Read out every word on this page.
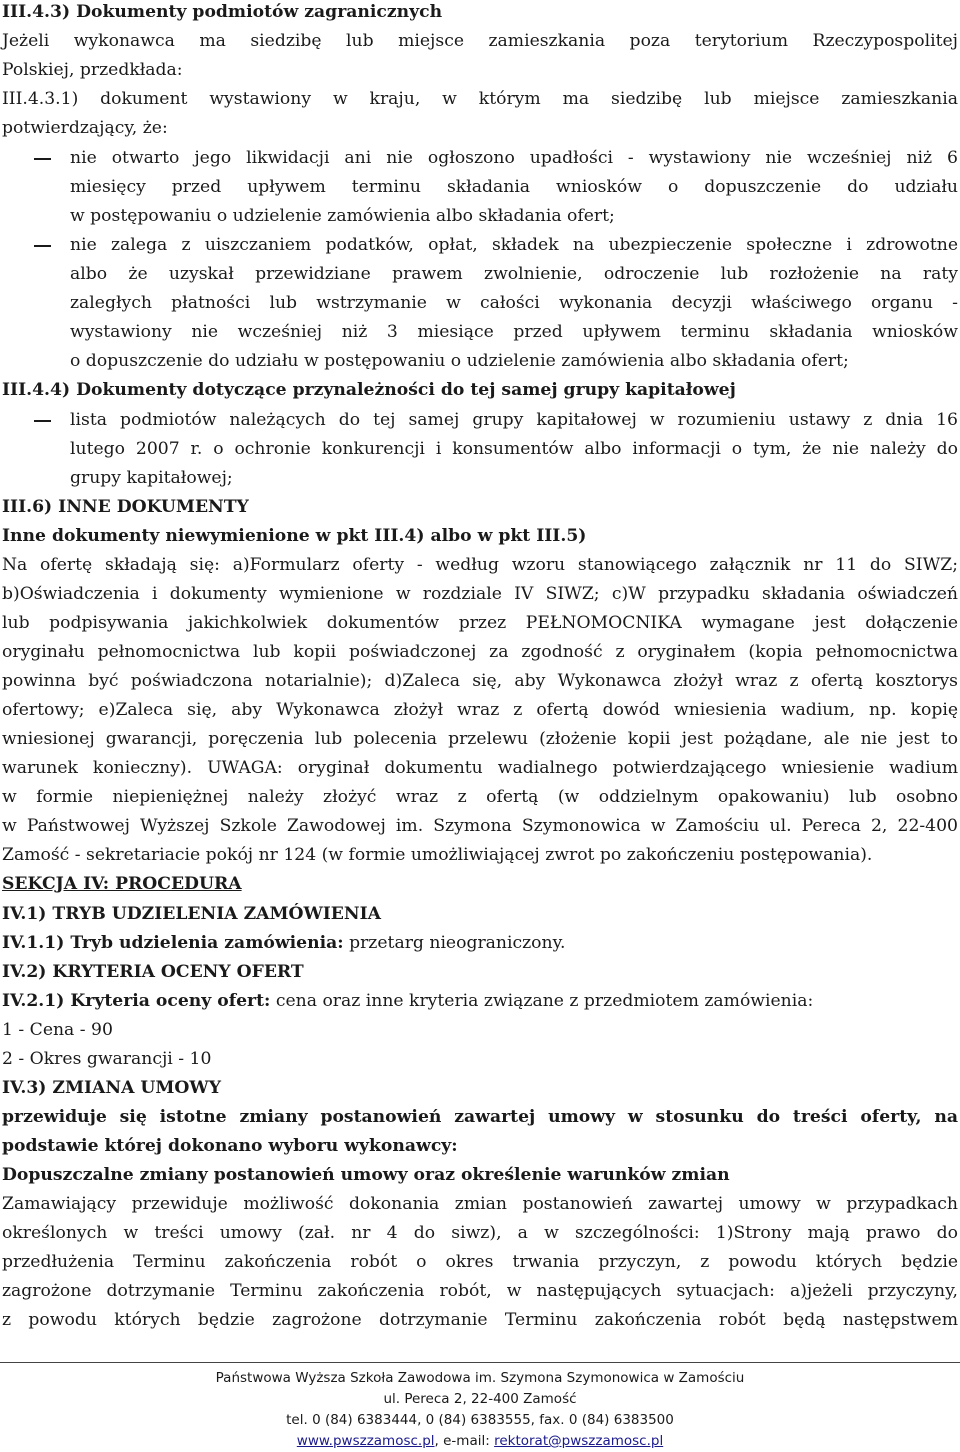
III.4.3) Dokumenty podmiotów zagranicznych
Jeżeli wykonawca ma siedzibę lub miejsce zamieszkania poza terytorium Rzeczypospolitej
Polskiej, przedkłada:
III.4.3.1) dokument wystawiony w kraju, w którym ma siedzibę lub miejsce zamieszkania
potwierdzający, że:
nie otwarto jego likwidacji ani nie ogłoszono upadłości - wystawiony nie wcześniej niż 6
miesięcy przed upływem terminu składania wniosków o dopuszczenie do udziału
w postępowaniu o udzielenie zamówienia albo składania ofert;
nie zalega z uiszczaniem podatków, opłat, składek na ubezpieczenie społeczne i zdrowotne
albo że uzyskał przewidziane prawem zwolnienie, odroczenie lub rozłożenie na raty
zaległych płatności lub wstrzymanie w całości wykonania decyzji właściwego organu -
wystawiony nie wcześniej niż 3 miesiące przed upływem terminu składania wniosków
o dopuszczenie do udziału w postępowaniu o udzielenie zamówienia albo składania ofert;
III.4.4) Dokumenty dotyczące przynależności do tej samej grupy kapitałowej
lista podmiotów należących do tej samej grupy kapitałowej w rozumieniu ustawy z dnia 16
lutego 2007 r. o ochronie konkurencji i konsumentów albo informacji o tym, że nie należy do
grupy kapitałowej;
III.6) INNE DOKUMENTY
Inne dokumenty niewymienione w pkt III.4) albo w pkt III.5)
Na ofertę składają się: a)Formularz oferty - według wzoru stanowiącego załącznik nr 11 do SIWZ;
b)Oświadczenia i dokumenty wymienione w rozdziale IV SIWZ; c)W przypadku składania oświadczeń
lub podpisywania jakichkolwiek dokumentów przez PEŁNOMOCNIKA wymagane jest dołączenie
oryginału pełnomocnictwa lub kopii poświadczonej za zgodność z oryginałem (kopia pełnomocnictwa
powinna być poświadczona notarialnie); d)Zaleca się, aby Wykonawca złożył wraz z ofertą kosztorys
ofertowy; e)Zaleca się, aby Wykonawca złożył wraz z ofertą dowód wniesienia wadium, np. kopię
wniesionej gwarancji, poręczenia lub polecenia przelewu (złożenie kopii jest pożądane, ale nie jest to
warunek konieczny). UWAGA: oryginał dokumentu wadialnego potwierdzającego wniesienie wadium
w formie niepieniężnej należy złożyć wraz z ofertą (w oddzielnym opakowaniu) lub osobno
w Państwowej Wyższej Szkole Zawodowej im. Szymona Szymonowica w Zamościu ul. Pereca 2, 22-400
Zamość - sekretariacie pokój nr 124 (w formie umożliwiającej zwrot po zakończeniu postępowania).
SEKCJA IV: PROCEDURA
IV.1) TRYB UDZIELENIA ZAMÓWIENIA
IV.1.1) Tryb udzielenia zamówienia: przetarg nieograniczony.
IV.2) KRYTERIA OCENY OFERT
IV.2.1) Kryteria oceny ofert: cena oraz inne kryteria związane z przedmiotem zamówienia:
1 - Cena - 90
2 - Okres gwarancji - 10
IV.3) ZMIANA UMOWY
przewiduje się istotne zmiany postanowień zawartej umowy w stosunku do treści oferty, na
podstawie której dokonano wyboru wykonawcy:
Dopuszczalne zmiany postanowień umowy oraz określenie warunków zmian
Zamawiający przewiduje możliwość dokonania zmian postanowień zawartej umowy w przypadkach
określonych w treści umowy (zał. nr 4 do siwz), a w szczególności: 1)Strony mają prawo do
przedłużenia Terminu zakończenia robót o okres trwania przyczyn, z powodu których będzie
zagrożone dotrzymanie Terminu zakończenia robót, w następujących sytuacjach: a)jeżeli przyczyny,
z powodu których będzie zagrożone dotrzymanie Terminu zakończenia robót będą następstwem
Państwowa Wyższa Szkoła Zawodowa im. Szymona Szymonowica w Zamościu
ul. Pereca 2, 22-400 Zamość
tel. 0 (84) 6383444, 0 (84) 6383555, fax. 0 (84) 6383500
www.pwszzamosc.pl, e-mail: rektorat@pwszzamosc.pl
